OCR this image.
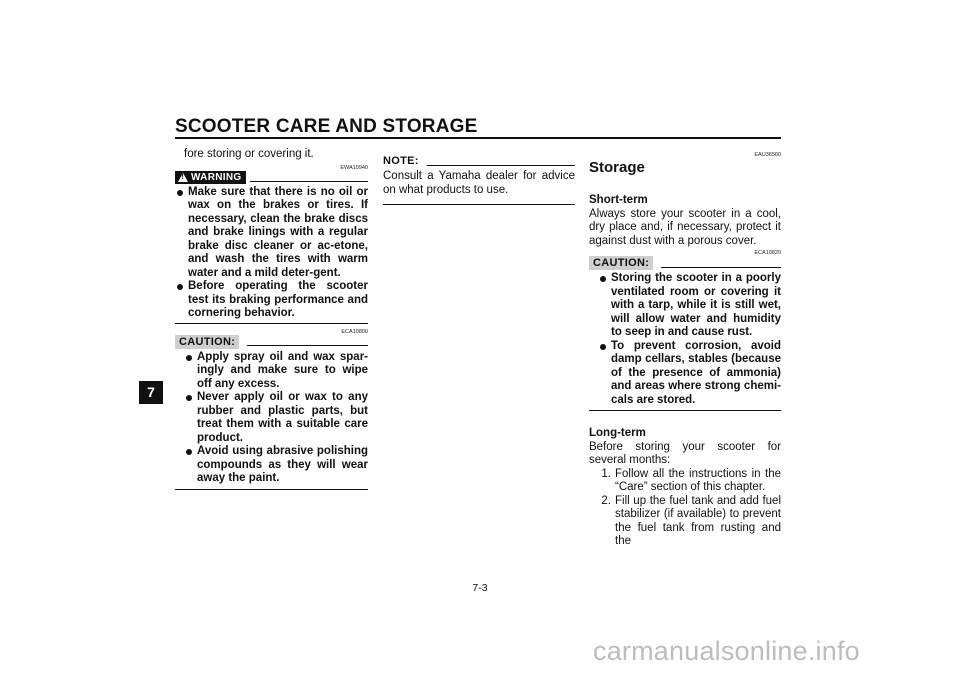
SCOOTER CARE AND STORAGE
7

fore storing or covering it.

EWA10940
! WARNING
Make sure that there is no oil or wax on the brakes or tires. If necessary, clean the brake discs and brake linings with a regular brake disc cleaner or ac-etone, and wash the tires with warm water and a mild deter-gent.
Before operating the scooter test its braking performance and cornering behavior.
ECA10800
CAUTION:
Apply spray oil and wax spar-ingly and make sure to wipe off any excess.
Never apply oil or wax to any rubber and plastic parts, but treat them with a suitable care product.
Avoid using abrasive polishing compounds as they will wear away the paint.
NOTE:

Consult a Yamaha dealer for advice on what products to use.

EAU36560
Storage

Short-term

Always store your scooter in a cool, dry place and, if necessary, protect it against dust with a porous cover.

ECA10820
CAUTION:
Storing the scooter in a poorly ventilated room or covering it with a tarp, while it is still wet, will allow water and humidity to seep in and cause rust.
To prevent corrosion, avoid damp cellars, stables (because of the presence of ammonia) and areas where strong chemi-cals are stored.

Long-term

Before storing your scooter for several months:

1. Follow all the instructions in the “Care” section of this chapter.
2. Fill up the fuel tank and add fuel stabilizer (if available) to prevent the fuel tank from rusting and the
7-3
carmanualsonline.info
